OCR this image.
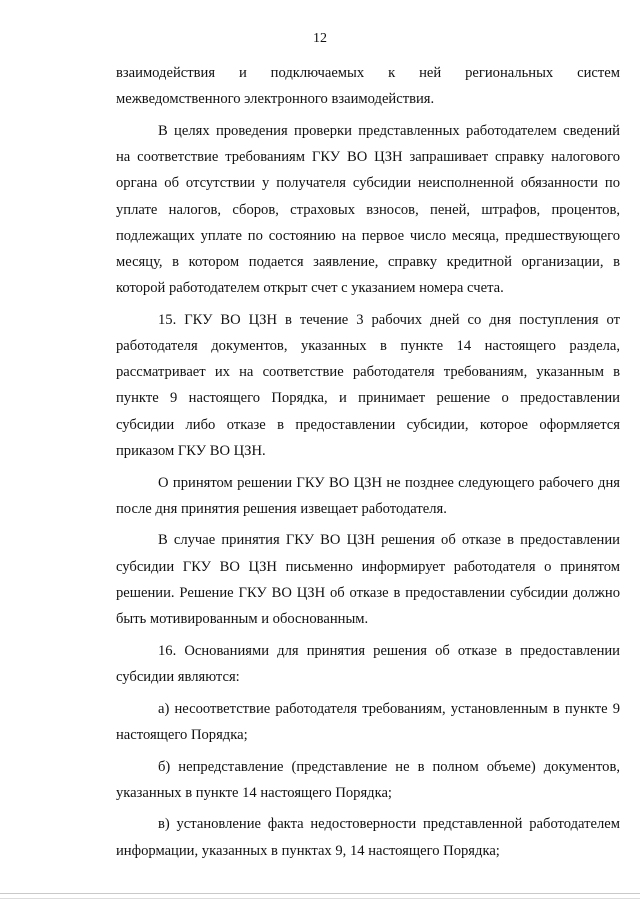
12

взаимодействия и подключаемых к ней региональных систем межведомственного электронного взаимодействия.

В целях проведения проверки представленных работодателем сведений на соответствие требованиям ГКУ ВО ЦЗН запрашивает справку налогового органа об отсутствии у получателя субсидии неисполненной обязанности по уплате налогов, сборов, страховых взносов, пеней, штрафов, процентов, подлежащих уплате по состоянию на первое число месяца, предшествующего месяцу, в котором подается заявление, справку кредитной организации, в которой работодателем открыт счет с указанием номера счета.

15. ГКУ ВО ЦЗН в течение 3 рабочих дней со дня поступления от работодателя документов, указанных в пункте 14 настоящего раздела, рассматривает их на соответствие работодателя требованиям, указанным в пункте 9 настоящего Порядка, и принимает решение о предоставлении субсидии либо отказе в предоставлении субсидии, которое оформляется приказом ГКУ ВО ЦЗН.

О принятом решении ГКУ ВО ЦЗН не позднее следующего рабочего дня после дня принятия решения извещает работодателя.

В случае принятия ГКУ ВО ЦЗН решения об отказе в предоставлении субсидии ГКУ ВО ЦЗН письменно информирует работодателя о принятом решении. Решение ГКУ ВО ЦЗН об отказе в предоставлении субсидии должно быть мотивированным и обоснованным.

16. Основаниями для принятия решения об отказе в предоставлении субсидии являются:

а) несоответствие работодателя требованиям, установленным в пункте 9 настоящего Порядка;

б) непредставление (представление не в полном объеме) документов, указанных в пункте 14 настоящего Порядка;

в) установление факта недостоверности представленной работодателем информации, указанных в пунктах 9, 14 настоящего Порядка;
